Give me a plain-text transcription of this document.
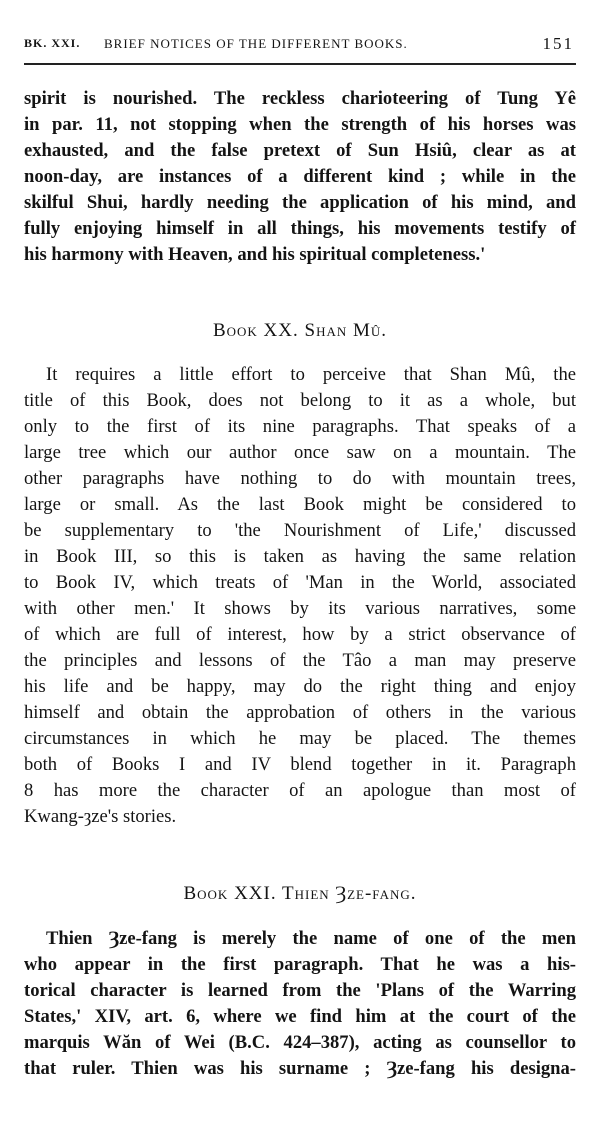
BK. XXI. BRIEF NOTICES OF THE DIFFERENT BOOKS.	151
spirit is nourished. The reckless charioteering of Tung Yê
in par. 11, not stopping when the strength of his horses was
exhausted, and the false pretext of Sun Hsiû, clear as at
noon-day, are instances of a different kind ; while in the
skilful Shui, hardly needing the application of his mind, and
fully enjoying himself in all things, his movements testify of
his harmony with Heaven, and his spiritual completeness.'
Book XX. Shan Mû.
It requires a little effort to perceive that Shan Mû, the
title of this Book, does not belong to it as a whole, but
only to the first of its nine paragraphs. That speaks of a
large tree which our author once saw on a mountain. The
other paragraphs have nothing to do with mountain trees,
large or small. As the last Book might be considered to
be supplementary to 'the Nourishment of Life,' discussed
in Book III, so this is taken as having the same relation
to Book IV, which treats of 'Man in the World, associated
with other men.' It shows by its various narratives, some
of which are full of interest, how by a strict observance of
the principles and lessons of the Tâo a man may preserve
his life and be happy, may do the right thing and enjoy
himself and obtain the approbation of others in the various
circumstances in which he may be placed. The themes
both of Books I and IV blend together in it. Paragraph
8 has more the character of an apologue than most of
Kwang-ȝze's stories.
Book XXI. Thien Ȝze-fang.
Thien Ȝze-fang is merely the name of one of the men
who appear in the first paragraph. That he was a his-
torical character is learned from the 'Plans of the Warring
States,' XIV, art. 6, where we find him at the court of the
marquis Wăn of Wei (B.C. 424–387), acting as counsellor to
that ruler. Thien was his surname ; Ȝze-fang his designa-
